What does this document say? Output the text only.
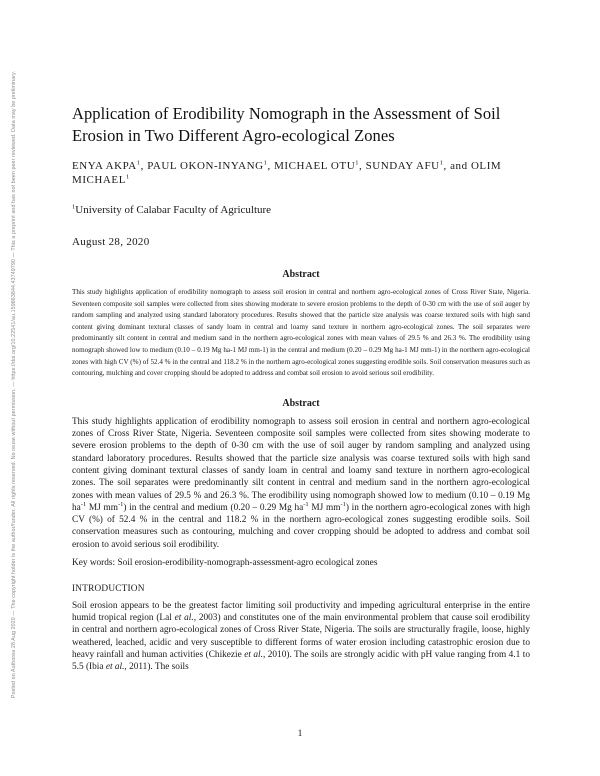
Posted on Authorea 28 Aug 2020 — The copyright holder is the author/funder. All rights reserved. No reuse without permission. — https://doi.org/10.22541/au.159863844.43749790 — This a preprint and has not been peer reviewed. Data may be preliminary.	Application of Erodibility Nomograph in the Assessment of Soil Erosion in Two Different Agro-ecological Zones
ENYA AKPA$^1$, PAUL OKON-INYANG$^1$, MICHAEL OTU$^1$, SUNDAY AFU$^1$, and OLIM MICHAEL$^1$
$^1$University of Calabar Faculty of Agriculture
August 28, 2020
Abstract

This study highlights application of erodibility nomograph to assess soil erosion in central and northern agro-ecological zones of Cross River State, Nigeria. Seventeen composite soil samples were collected from sites showing moderate to severe erosion problems to the depth of 0-30 cm with the use of soil auger by random sampling and analyzed using standard laboratory procedures. Results showed that the particle size analysis was coarse textured soils with high sand content giving dominant textural classes of sandy loam in central and loamy sand texture in northern agro-ecological zones. The soil separates were predominantly silt content in central and medium sand in the northern agro-ecological zones with mean values of 29.5 % and 26.3 %. The erodibility using nomograph showed low to medium (0.10 – 0.19 Mg ha-1 MJ mm-1) in the central and medium (0.20 – 0.29 Mg ha-1 MJ mm-1) in the northern agro-ecological zones with high CV (%) of 52.4 % in the central and 118.2 % in the northern agro-ecological zones suggesting erodible soils. Soil conservation measures such as contouring, mulching and cover cropping should be adopted to address and combat soil erosion to avoid serious soil erodibility.

Abstract

This study highlights application of erodibility nomograph to assess soil erosion in central and northern agro-ecological zones of Cross River State, Nigeria. Seventeen composite soil samples were collected from sites showing moderate to severe erosion problems to the depth of 0-30 cm with the use of soil auger by random sampling and analyzed using standard laboratory procedures. Results showed that the particle size analysis was coarse textured soils with high sand content giving dominant textural classes of sandy loam in central and loamy sand texture in northern agro-ecological zones. The soil separates were predominantly silt content in central and medium sand in the northern agro-ecological zones with mean values of 29.5 % and 26.3 %. The erodibility using nomograph showed low to medium (0.10 – 0.19 Mg $ha^{-1}$ MJ $mm^{-1}$) in the central and medium (0.20 – 0.29 Mg $ha^{-1}$ MJ $mm^{-1}$) in the northern agro-ecological zones with high CV (%) of 52.4 % in the central and 118.2 % in the northern agro-ecological zones suggesting erodible soils. Soil conservation measures such as contouring, mulching and cover cropping should be adopted to address and combat soil erosion to avoid serious soil erodibility.

Key words: Soil erosion-erodibility-nomograph-assessment-agro ecological zones
INTRODUCTION

Soil erosion appears to be the greatest factor limiting soil productivity and impeding agricultural enterprise in the entire humid tropical region (Lal et al., 2003) and constitutes one of the main environmental problem that cause soil erodibility in central and northern agro-ecological zones of Cross River State, Nigeria. The soils are structurally fragile, loose, highly weathered, leached, acidic and very susceptible to different forms of water erosion including catastrophic erosion due to heavy rainfall and human activities (Chikezie et al., 2010). The soils are strongly acidic with pH value ranging from 4.1 to 5.5 (Ibia et al., 2011). The soils

1
